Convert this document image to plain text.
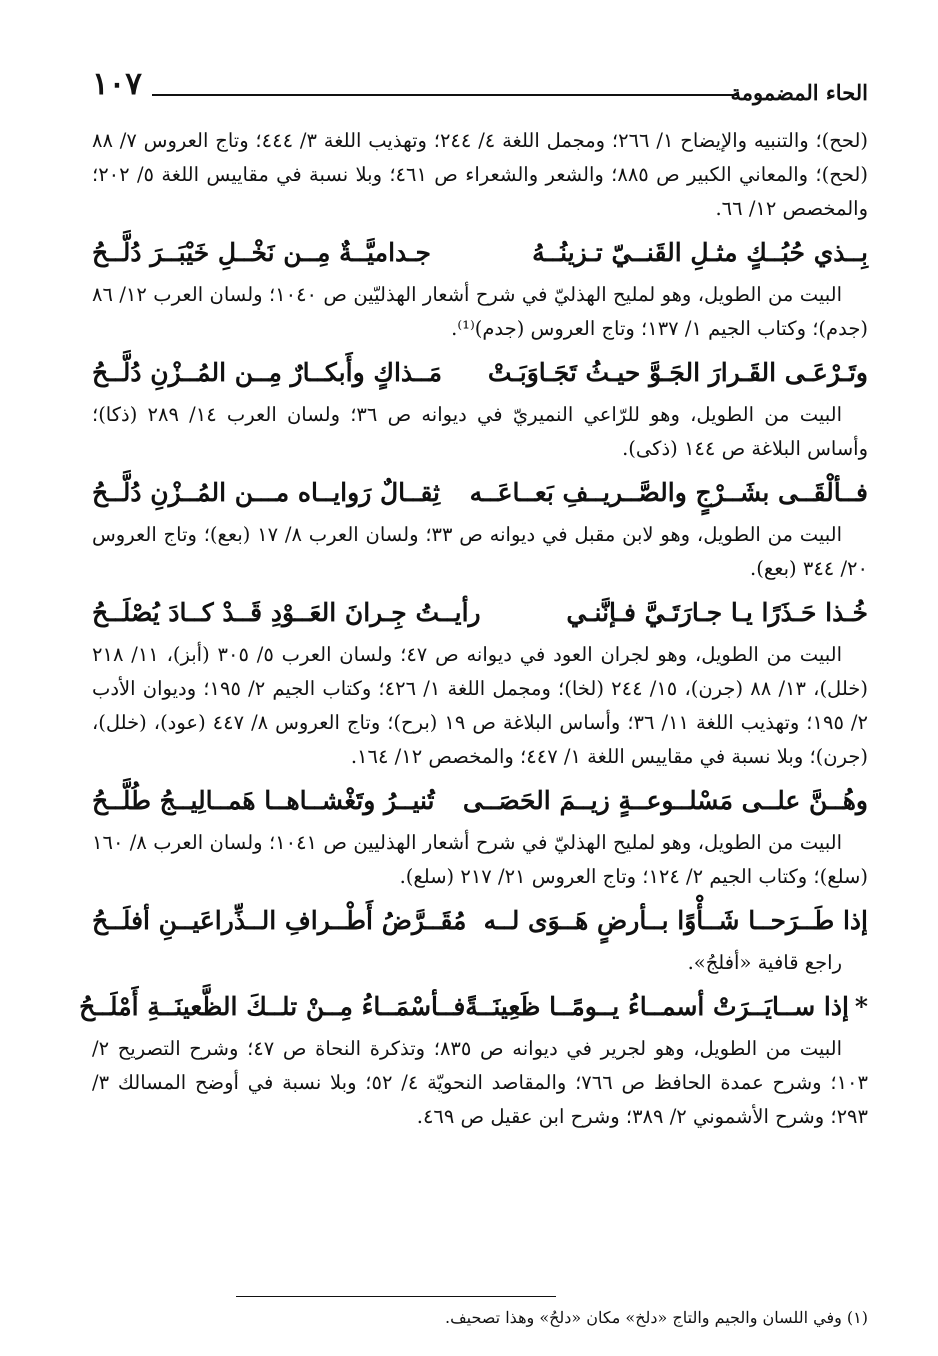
الحاء المضمومة
١٠٧

(لحح)؛ والتنبيه والإيضاح ١/ ٢٦٦؛ ومجمل اللغة ٤/ ٢٤٤؛ وتهذيب اللغة ٣/ ٤٤٤؛ وتاج العروس ٧/ ٨٨ (لحح)؛ والمعاني الكبير ص ٨٨٥؛ والشعر والشعراء ص ٤٦١؛ وبلا نسبة في مقاييس اللغة ٥/ ٢٠٢؛ والمخصص ١٢/ ٦٦.

بِــذي حُبُــكٍ مثـلِ القَنــيّ تـزينُــهُ
جـداميَّــةٌ مِــن نَخْــلِ خَيْبَــرَ دُلَّــحُ

البيت من الطويل، وهو لمليح الهذليّ في شرح أشعار الهذليّين ص ١٠٤٠؛ ولسان العرب ١٢/ ٨٦ (جدم)؛ وكتاب الجيم ١/ ١٣٧؛ وتاج العروس (جدم)⁽¹⁾.

وتَـرْعَـى القَـرارَ الجَـوَّ حيـثُ تَجَـاوَبَـتْ
مَــذاكٍ وأَبكــارٌ مِــن المُــزْنِ دُلَّــحُ

البيت من الطويل، وهو للرّاعي النميريّ في ديوانه ص ٣٦؛ ولسان العرب ١٤/ ٢٨٩ (ذكا)؛ وأساس البلاغة ص ١٤٤ (ذكى).

فــألْقَــى بشَــرْجٍ والصَّــريــفِ بَعــاعَــه
ثِقــالٌ رَوايــاه مـــن المُــزْنِ دُلَّــحُ

البيت من الطويل، وهو لابن مقبل في ديوانه ص ٣٣؛ ولسان العرب ٨/ ١٧ (بعع)؛ وتاج العروس ٢٠/ ٣٤٤ (بعع).

خُـذا حَـذَرًا يـا جـارَتَـيَّ فـإنَّنـي
رأيــتُ جِـرانَ العَــوْدِ قَــدْ كــادَ يُصْلَــحُ

البيت من الطويل، وهو لجران العود في ديوانه ص ٤٧؛ ولسان العرب ٥/ ٣٠٥ (أبز)، ١١/ ٢١٨ (خلل)، ١٣/ ٨٨ (جرن)، ١٥/ ٢٤٤ (لخا)؛ ومجمل اللغة ١/ ٤٢٦؛ وكتاب الجيم ٢/ ١٩٥؛ وديوان الأدب ٢/ ١٩٥؛ وتهذيب اللغة ١١/ ٣٦؛ وأساس البلاغة ص ١٩ (برح)؛ وتاج العروس ٨/ ٤٤٧ (عود)، (خلل)، (جرن)؛ وبلا نسبة في مقاييس اللغة ١/ ٤٤٧؛ والمخصص ١٢/ ١٦٤.

وهُــنَّ علــى مَسْلــوعــةٍ زيــمَ الحَصَــى
تُنيــرُ وتَغْشــاهــا هَمــالِيــجُ طُلَّــحُ

البيت من الطويل، وهو لمليح الهذليّ في شرح أشعار الهذليين ص ١٠٤١؛ ولسان العرب ٨/ ١٦٠ (سلع)؛ وكتاب الجيم ٢/ ١٢٤؛ وتاج العروس ٢١/ ٢١٧ (سلع).

إذا طَــرَحــا شَــأْوًا بــأرضٍ هَــوَى لــه
مُقَــرَّضُ أَطْــرافِ الــذِّراعَيــنِ أفلَــحُ

راجع قافية «أفلجُ».

*إذا ســايَــرَتْ أسمــاءُ يــومًــا ظَعِينَــةً
فــأسْمَــاءُ مِــنْ تلــكَ الظَّعينَــةِ أَمْلَــحُ

البيت من الطويل، وهو لجرير في ديوانه ص ٨٣٥؛ وتذكرة النحاة ص ٤٧؛ وشرح التصريح ٢/ ١٠٣؛ وشرح عمدة الحافظ ص ٧٦٦؛ والمقاصد النحويّة ٤/ ٥٢؛ وبلا نسبة في أوضح المسالك ٣/ ٢٩٣؛ وشرح الأشموني ٢/ ٣٨٩؛ وشرح ابن عقيل ص ٤٦٩.

(١) وفي اللسان والجيم والتاج «دلخ» مكان «دلحُ» وهذا تصحيف.
